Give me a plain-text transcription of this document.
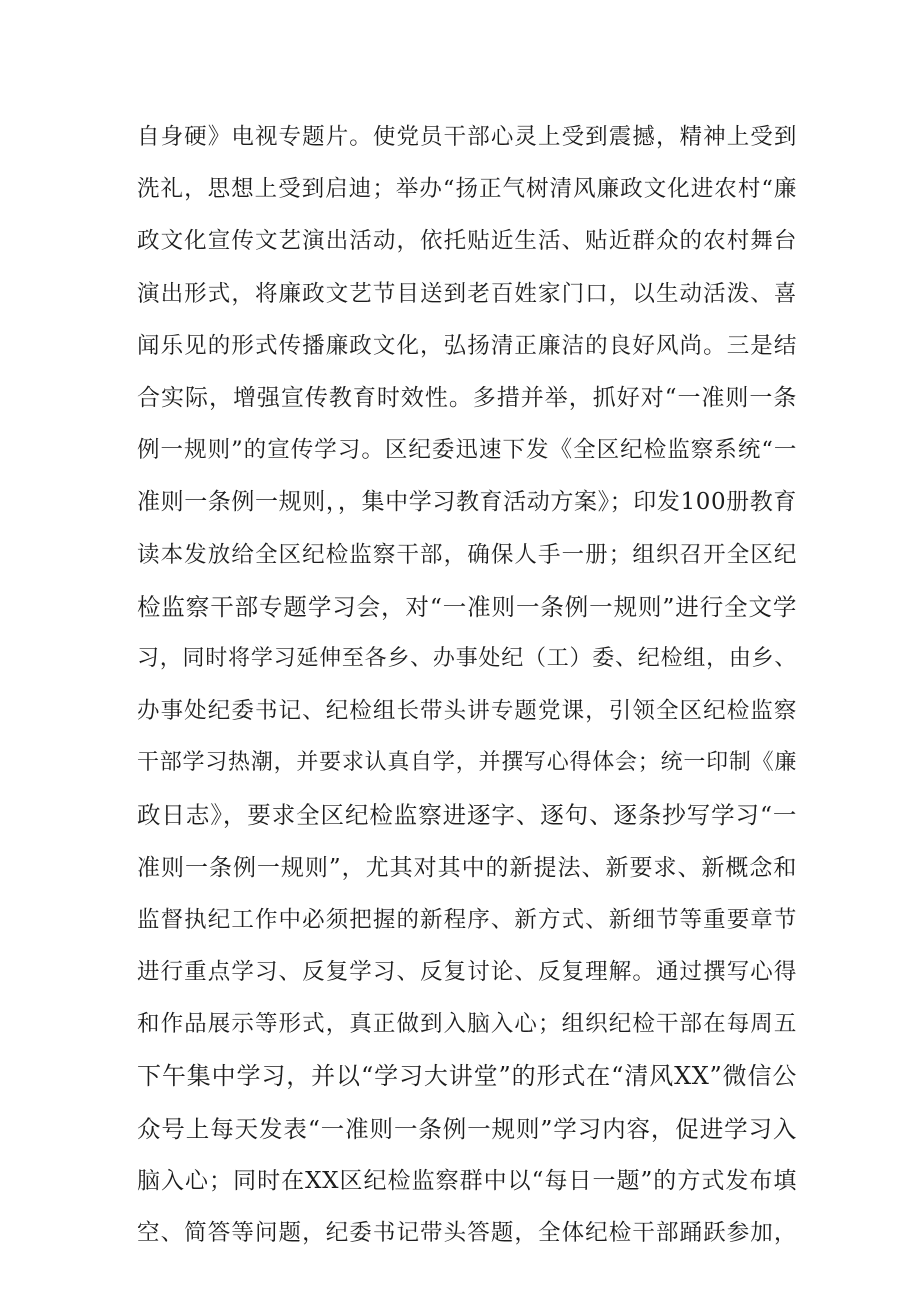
自身硬》电视专题片。使党员干部心灵上受到震撼，精神上受到
洗礼，思想上受到启迪；举办“扬正气树清风廉政文化进农村“廉
政文化宣传文艺演出活动，依托贴近生活、贴近群众的农村舞台
演出形式，将廉政文艺节目送到老百姓家门口，以生动活泼、喜
闻乐见的形式传播廉政文化，弘扬清正廉洁的良好风尚。三是结
合实际，增强宣传教育时效性。多措并举，抓好对“一准则一条
例一规则”的宣传学习。区纪委迅速下发《全区纪检监察系统“一
准则一条例一规则，，集中学习教育活动方案》；印发100册教育
读本发放给全区纪检监察干部，确保人手一册；组织召开全区纪
检监察干部专题学习会，对“一准则一条例一规则”进行全文学
习，同时将学习延伸至各乡、办事处纪（工）委、纪检组，由乡、
办事处纪委书记、纪检组长带头讲专题党课，引领全区纪检监察
干部学习热潮，并要求认真自学，并撰写心得体会；统一印制《廉
政日志》，要求全区纪检监察进逐字、逐句、逐条抄写学习“一
准则一条例一规则”，尤其对其中的新提法、新要求、新概念和
监督执纪工作中必须把握的新程序、新方式、新细节等重要章节
进行重点学习、反复学习、反复讨论、反复理解。通过撰写心得
和作品展示等形式，真正做到入脑入心；组织纪检干部在每周五
下午集中学习，并以“学习大讲堂”的形式在“清风XX”微信公
众号上每天发表“一准则一条例一规则”学习内容，促进学习入
脑入心；同时在XX区纪检监察群中以“每日一题”的方式发布填
空、简答等问题，纪委书记带头答题，全体纪检干部踊跃参加，
